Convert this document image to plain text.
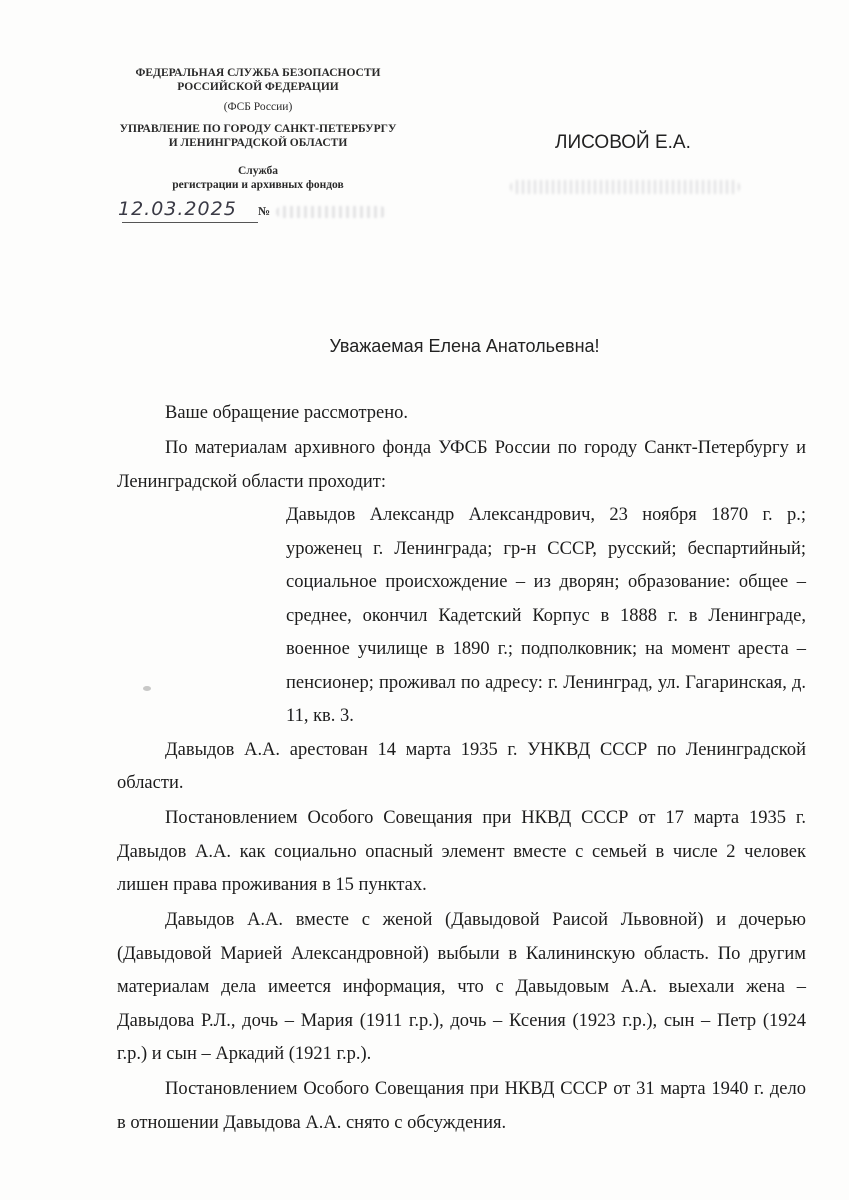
ФЕДЕРАЛЬНАЯ СЛУЖБА БЕЗОПАСНОСТИ
РОССИЙСКОЙ ФЕДЕРАЦИИ
(ФСБ России)
УПРАВЛЕНИЕ ПО ГОРОДУ САНКТ-ПЕТЕРБУРГУ
И ЛЕНИНГРАДСКОЙ ОБЛАСТИ
Служба
регистрации и архивных фондов
12.03.2025 №
ЛИСОВОЙ Е.А.
Уважаемая Елена Анатольевна!

Ваше обращение рассмотрено.

По материалам архивного фонда УФСБ России по городу Санкт-Петербургу и Ленинградской области проходит:

Давыдов Александр Александрович, 23 ноября 1870 г. р.; уроженец г. Ленинграда; гр-н СССР, русский; беспартийный; социальное происхождение – из дворян; образование: общее – среднее, окончил Кадетский Корпус в 1888 г. в Ленинграде, военное училище в 1890 г.; подполковник; на момент ареста – пенсионер; проживал по адресу: г. Ленинград, ул. Гагаринская, д. 11, кв. 3.

Давыдов А.А. арестован 14 марта 1935 г. УНКВД СССР по Ленинградской области.

Постановлением Особого Совещания при НКВД СССР от 17 марта 1935 г. Давыдов А.А. как социально опасный элемент вместе с семьей в числе 2 человек лишен права проживания в 15 пунктах.

Давыдов А.А. вместе с женой (Давыдовой Раисой Львовной) и дочерью (Давыдовой Марией Александровной) выбыли в Калининскую область. По другим материалам дела имеется информация, что с Давыдовым А.А. выехали жена – Давыдова Р.Л., дочь – Мария (1911 г.р.), дочь – Ксения (1923 г.р.), сын – Петр (1924 г.р.) и сын – Аркадий (1921 г.р.).

Постановлением Особого Совещания при НКВД СССР от 31 марта 1940 г. дело в отношении Давыдова А.А. снято с обсуждения.
